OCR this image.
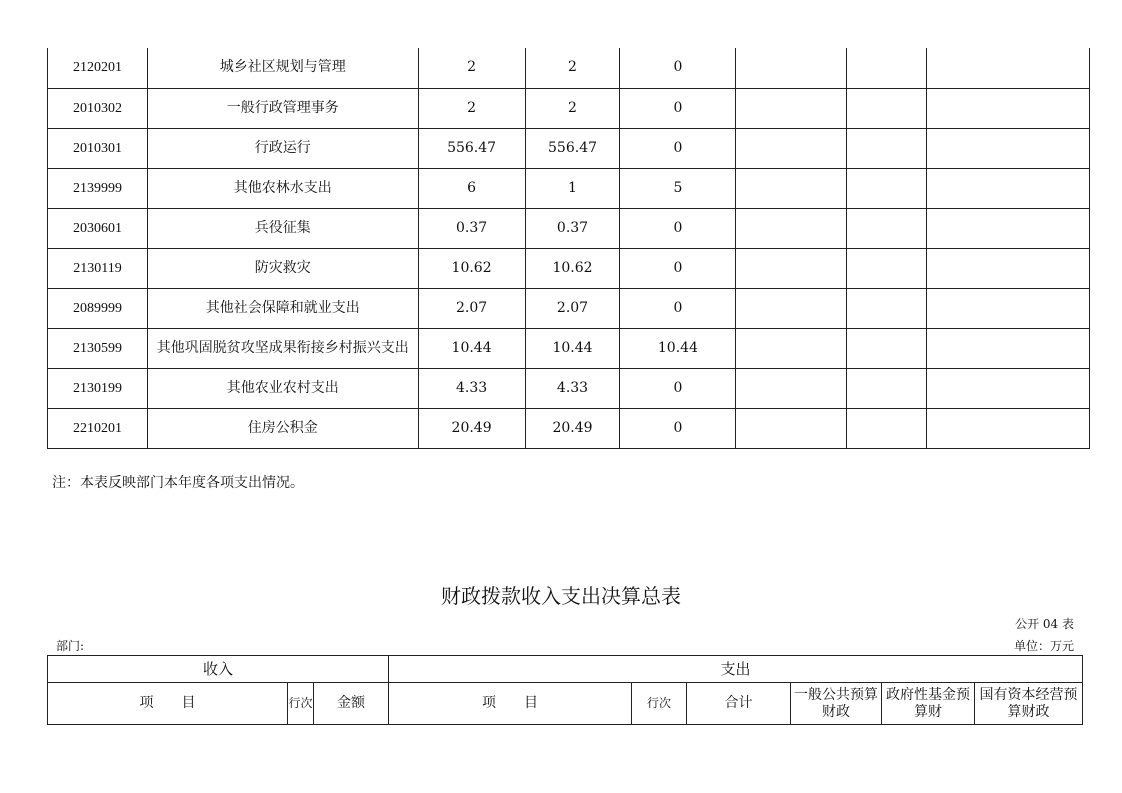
2120201	城乡社区规划与管理	2	2	0			
2010302	一般行政管理事务	2	2	0			
2010301	行政运行	556.47	556.47	0			
2139999	其他农林水支出	6	1	5			
2030601	兵役征集	0.37	0.37	0			
2130119	防灾救灾	10.62	10.62	0			
2089999	其他社会保障和就业支出	2.07	2.07	0			
2130599	其他巩固脱贫攻坚成果衔接乡村振兴支出	10.44	10.44	10.44			
2130199	其他农业农村支出	4.33	4.33	0			
2210201	住房公积金	20.49	20.49	0			
注：本表反映部门本年度各项支出情况。
财政拨款收入支出决算总表
公开 04 表
部门:	单位：万元
收入			支出					
项　　目	行次	金额	项　　目	行次	合计	一般公共预算财政	政府性基金预算财	国有资本经营预算财政
